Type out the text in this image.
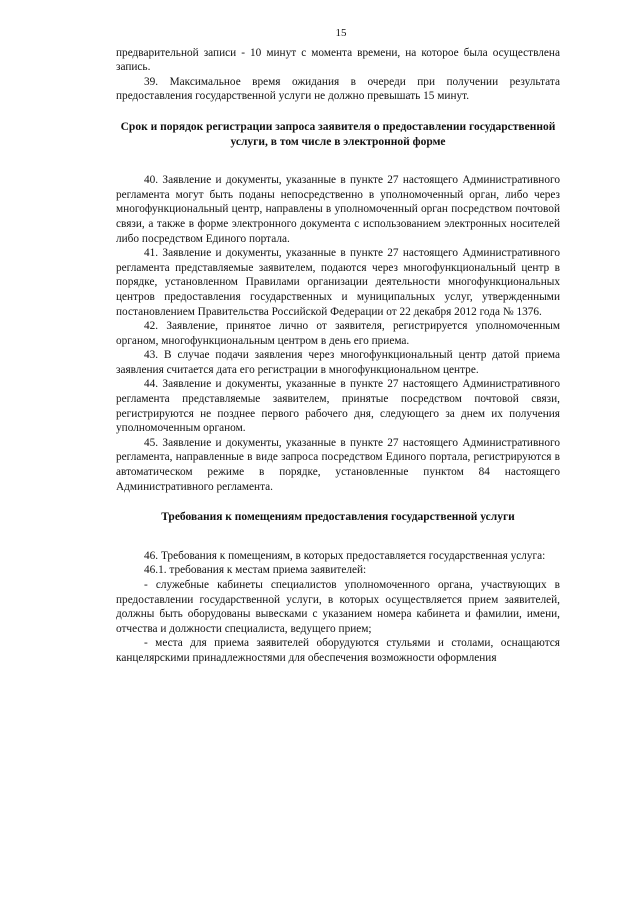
15

предварительной записи - 10 минут с момента времени, на которое была осуществлена запись.

39. Максимальное время ожидания в очереди при получении результата предоставления государственной услуги не должно превышать 15 минут.

Срок и порядок регистрации запроса заявителя о предоставлении государственной услуги, в том числе в электронной форме

40. Заявление и документы, указанные в пункте 27 настоящего Административного регламента могут быть поданы непосредственно в уполномоченный орган, либо через многофункциональный центр, направлены в уполномоченный орган посредством почтовой связи, а также в форме электронного документа с использованием электронных носителей либо посредством Единого портала.

41. Заявление и документы, указанные в пункте 27 настоящего Административного регламента представляемые заявителем, подаются через многофункциональный центр в порядке, установленном Правилами организации деятельности многофункциональных центров предоставления государственных и муниципальных услуг, утвержденными постановлением Правительства Российской Федерации от 22 декабря 2012 года № 1376.

42. Заявление, принятое лично от заявителя, регистрируется уполномоченным органом, многофункциональным центром в день его приема.

43. В случае подачи заявления через многофункциональный центр датой приема заявления считается дата его регистрации в многофункциональном центре.

44. Заявление и документы, указанные в пункте 27 настоящего Административного регламента представляемые заявителем, принятые посредством почтовой связи, регистрируются не позднее первого рабочего дня, следующего за днем их получения уполномоченным органом.

45. Заявление и документы, указанные в пункте 27 настоящего Административного регламента, направленные в виде запроса посредством Единого портала, регистрируются в автоматическом режиме в порядке, установленные пунктом 84 настоящего Административного регламента.

Требования к помещениям предоставления государственной услуги

46. Требования к помещениям, в которых предоставляется государственная услуга:

46.1. требования к местам приема заявителей:

- служебные кабинеты специалистов уполномоченного органа, участвующих в предоставлении государственной услуги, в которых осуществляется прием заявителей, должны быть оборудованы вывесками с указанием номера кабинета и фамилии, имени, отчества и должности специалиста, ведущего прием;

- места для приема заявителей оборудуются стульями и столами, оснащаются канцелярскими принадлежностями для обеспечения возможности оформления
